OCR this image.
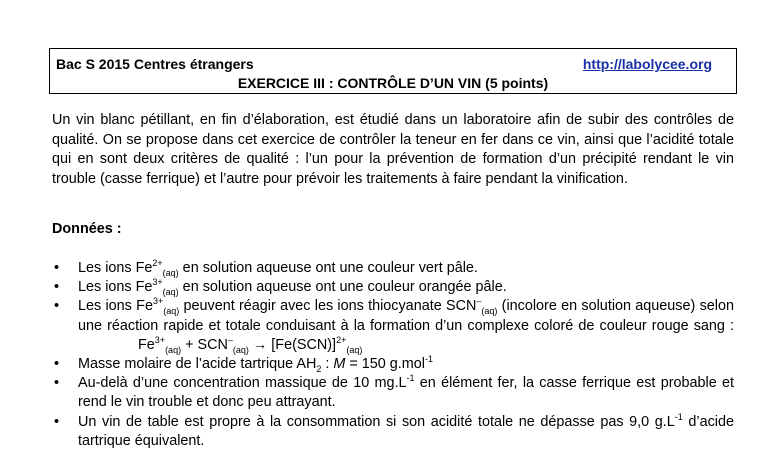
Bac S 2015 Centres étrangers	http://labolycee.org
EXERCICE III : CONTRÔLE D’UN VIN (5 points)
Un vin blanc pétillant, en fin d’élaboration, est étudié dans un laboratoire afin de subir des contrôles de qualité. On se propose dans cet exercice de contrôler la teneur en fer dans ce vin, ainsi que l’acidité totale qui en sont deux critères de qualité : l’un pour la prévention de formation d’un précipité rendant le vin trouble (casse ferrique) et l’autre pour prévoir les traitements à faire pendant la vinification.
Données :
• Les ions $Fe^{2+}_{(aq)}$ en solution aqueuse ont une couleur vert pâle.
• Les ions $Fe^{3+}_{(aq)}$ en solution aqueuse ont une couleur orangée pâle.
• Les ions $Fe^{3+}_{(aq)}$ peuvent réagir avec les ions thiocyanate $SCN^-_{(aq)}$ (incolore en solution aqueuse) selon une réaction rapide et totale conduisant à la formation d’un complexe coloré de couleur rouge sang : $Fe^{3+}_{(aq)} + SCN^-_{(aq)} \to [Fe(SCN)]^{2+}_{(aq)}$
• Masse molaire de l’acide tartrique $AH_2$ : M = 150 g.mol$^{-1}$
• Au-delà d’une concentration massique de 10 $mg.L^{-1}$ en élément fer, la casse ferrique est probable et rend le vin trouble et donc peu attrayant.
• Un vin de table est propre à la consommation si son acidité totale ne dépasse pas 9,0 $g.L^{-1}$ d’acide tartrique équivalent.
